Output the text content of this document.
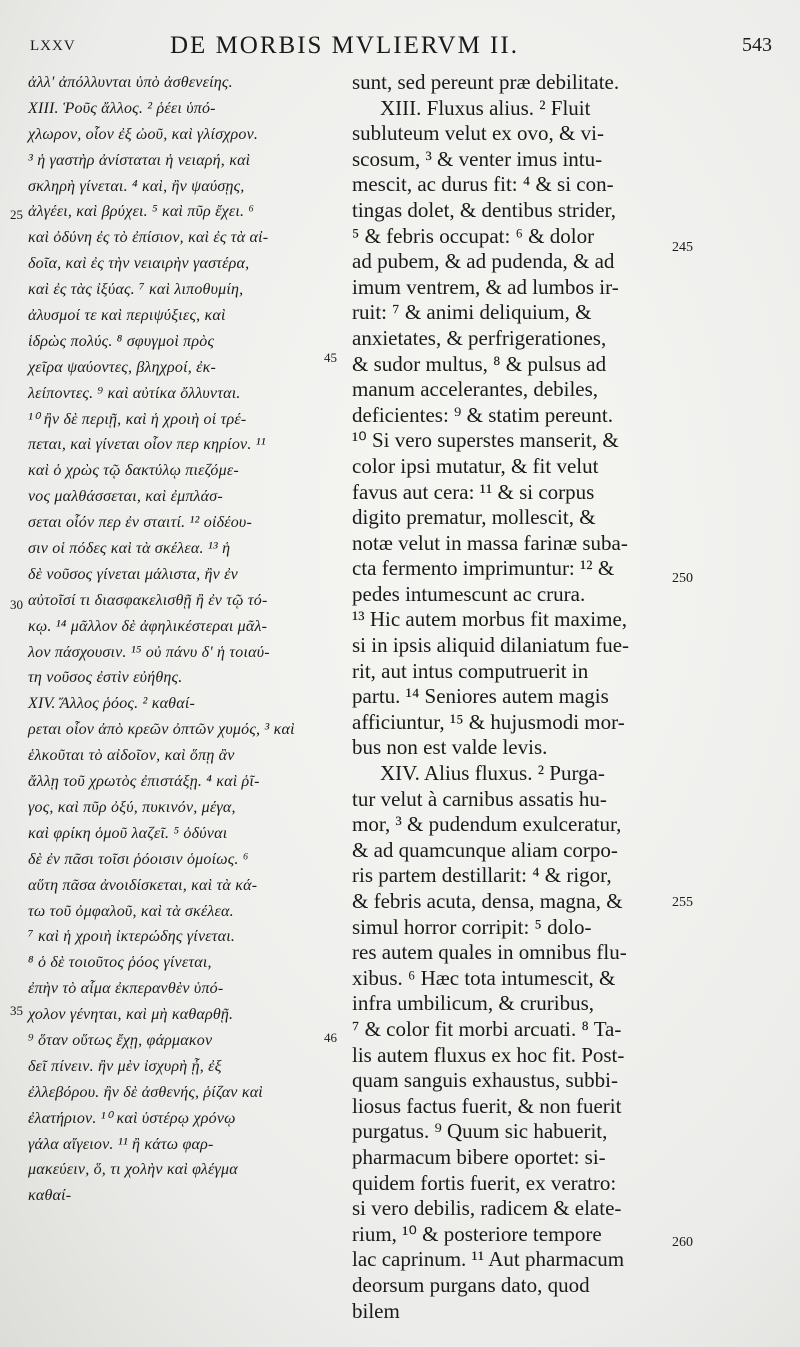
LXXV	DE MORBIS MVLIERVM II.	543
ἀλλ' ἀπόλλυνται ὑπὸ ἀσθενείης.
XIII. Ῥοῦς ἄλλος. ² ῥέει ὑπό-
χλωρον, οἷον ἐξ ὠοῦ, καὶ γλίσχρον.
³ ἡ γαστὴρ ἀνίσταται ἡ νειαρή, καὶ
σκληρὴ γίνεται. ⁴ καὶ, ἢν ψαύσῃς,
ἀλγέει, καὶ βρύχει. ⁵ καὶ πῦρ ἔχει. ⁶
καὶ ὀδύνη ἐς τὸ ἐπίσιον, καὶ ἐς τὰ αἰ-
δοῖα, καὶ ἐς τὴν νειαιρὴν γαστέρα,
καὶ ἐς τὰς ἰξύας. ⁷ καὶ λιποθυμίη,
ἀλυσμοί τε καὶ περιψύξιες, καὶ
ἱδρὼς πολύς. ⁸ σφυγμοὶ πρὸς
χεῖρα ψαύοντες, βληχροί, ἐκ-
λείποντες. ⁹ καὶ αὐτίκα ὄλλυνται.
¹⁰ ἢν δὲ περιῇ, καὶ ἡ χροιὴ οἱ τρέ-
πεται, καὶ γίνεται οἷον περ κηρίον. ¹¹
καὶ ὁ χρὼς τῷ δακτύλῳ πιεζόμε-
νος μαλθάσσεται, καὶ ἐμπλάσ-
σεται οἷόν περ ἐν σταιτί. ¹² οἰδέου-
σιν οἱ πόδες καὶ τὰ σκέλεα. ¹³ ἡ
δὲ νοῦσος γίνεται μάλιστα, ἢν ἐν
αὐτοῖσί τι διασφακελισθῇ ἢ ἐν τῷ τό-
κῳ. ¹⁴ μᾶλλον δὲ ἀφηλικέστεραι μᾶλ-
λον πάσχουσιν. ¹⁵ οὐ πάνυ δ' ἡ τοιαύ-
τη νοῦσος ἐστὶν εὐήθης.
XIV. Ἄλλος ῥόος. ² καθαί-
ρεται οἷον ἀπὸ κρεῶν ὀπτῶν χυμός, ³ καὶ
ἑλκοῦται τὸ αἰδοῖον, καὶ ὅπῃ ἂν
ἄλλῃ τοῦ χρωτὸς ἐπιστάξῃ. ⁴ καὶ ῥῖ-
γος, καὶ πῦρ ὀξύ, πυκινόν, μέγα,
καὶ φρίκη ὁμοῦ λαζεῖ. ⁵ ὀδύναι
δὲ ἐν πᾶσι τοῖσι ῥόοισιν ὁμοίως. ⁶
αὕτη πᾶσα ἀνοιδίσκεται, καὶ τὰ κά-
τω τοῦ ὀμφαλοῦ, καὶ τὰ σκέλεα.
⁷ καὶ ἡ χροιὴ ἰκτερώδης γίνεται.
⁸ ὁ δὲ τοιοῦτος ῥόος γίνεται,
ἐπὴν τὸ αἷμα ἐκπερανθὲν ὑπό-
χολον γένηται, καὶ μὴ καθαρθῇ.
⁹ ὅταν οὕτως ἔχῃ, φάρμακον
δεῖ πίνειν. ἢν μὲν ἰσχυρὴ ᾖ, ἐξ
ἐλλεβόρου. ἢν δὲ ἀσθενής, ῥίζαν καὶ
ἐλατήριον. ¹⁰ καὶ ὑστέρῳ χρόνῳ
γάλα αἴγειον. ¹¹ ἢ κάτω φαρ-
μακεύειν, ὅ, τι χολὴν καὶ φλέγμα
καθαί-
sunt, sed pereunt præ debilitate.
XIII. Fluxus alius. ² Fluit
subluteum velut ex ovo, & vi-
scosum, ³ & venter imus intu-
mescit, ac durus fit: ⁴ & si con-
tingas dolet, & dentibus strider,
⁵ & febris occupat: ⁶ & dolor
ad pubem, & ad pudenda, & ad
imum ventrem, & ad lumbos ir-
ruit: ⁷ & animi deliquium, &
anxietates, & perfrigerationes,
& sudor multus, ⁸ & pulsus ad
manum accelerantes, debiles,
deficientes: ⁹ & statim pereunt.
¹⁰ Si vero superstes manserit, &
color ipsi mutatur, & fit velut
favus aut cera: ¹¹ & si corpus
digito prematur, mollescit, &
notæ velut in massa farinæ suba-
cta fermento imprimuntur: ¹² &
pedes intumescunt ac crura.
¹³ Hic autem morbus fit maxime,
si in ipsis aliquid dilaniatum fue-
rit, aut intus computruerit in
partu. ¹⁴ Seniores autem magis
afficiuntur, ¹⁵ & hujusmodi mor-
bus non est valde levis.
XIV. Alius fluxus. ² Purga-
tur velut à carnibus assatis hu-
mor, ³ & pudendum exulceratur,
& ad quamcunque aliam corpo-
ris partem destillarit: ⁴ & rigor,
& febris acuta, densa, magna, &
simul horror corripit: ⁵ dolo-
res autem quales in omnibus flu-
xibus. ⁶ Hæc tota intumescit, &
infra umbilicum, & cruribus,
⁷ & color fit morbi arcuati. ⁸ Ta-
lis autem fluxus ex hoc fit. Post-
quam sanguis exhaustus, subbi-
liosus factus fuerit, & non fuerit
purgatus. ⁹ Quum sic habuerit,
pharmacum bibere oportet: si-
quidem fortis fuerit, ex veratro:
si vero debilis, radicem & elate-
rium, ¹⁰ & posteriore tempore
lac caprinum. ¹¹ Aut pharmacum
deorsum purgans dato, quod
bilem
245
250
255
260
25
30
35
45
46
